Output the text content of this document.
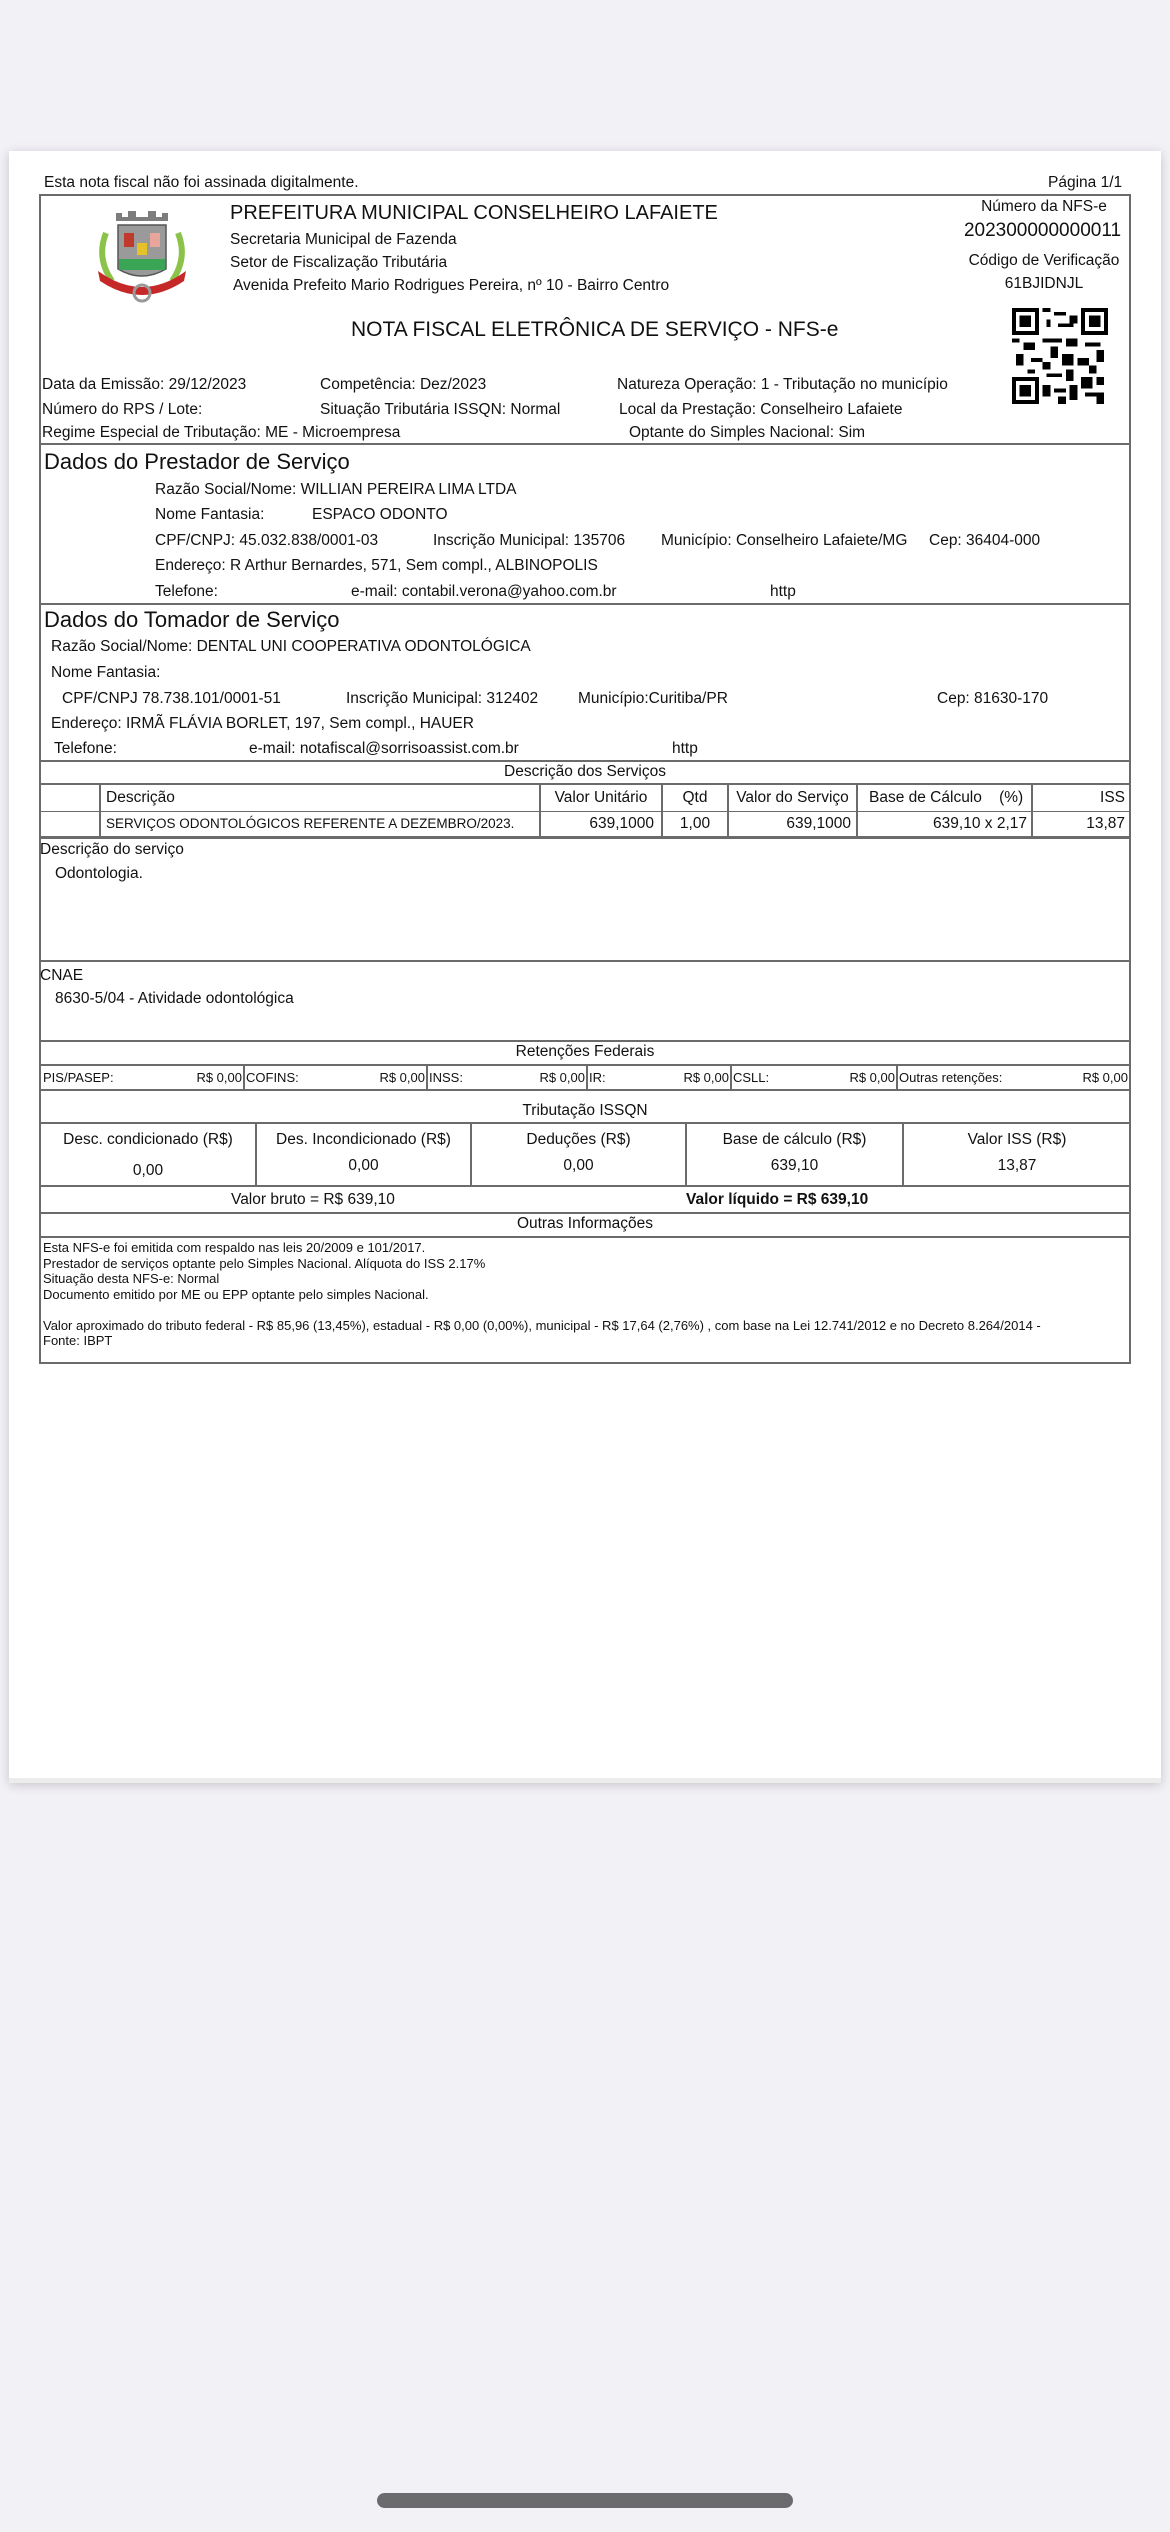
Esta nota fiscal não foi assinada digitalmente.	Página 1/1
PREFEITURA MUNICIPAL CONSELHEIRO LAFAIETE
Secretaria Municipal de Fazenda
Setor de Fiscalização Tributária
Avenida Prefeito Mario Rodrigues Pereira, nº 10 - Bairro Centro
Número da NFS-e
202300000000011
Código de Verificação
61BJIDNJL
NOTA FISCAL ELETRÔNICA DE SERVIÇO - NFS-e
Data da Emissão: 29/12/2023	Competência: Dez/2023	Natureza Operação: 1 - Tributação no município
Número do RPS / Lote:	Situação Tributária ISSQN: Normal	Local da Prestação: Conselheiro Lafaiete
Regime Especial de Tributação: ME - Microempresa	Optante do Simples Nacional: Sim
Dados do Prestador de Serviço
Razão Social/Nome: WILLIAN PEREIRA LIMA LTDA
Nome Fantasia:	ESPACO ODONTO
CPF/CNPJ: 45.032.838/0001-03	Inscrição Municipal: 135706 Município: Conselheiro Lafaiete/MG Cep: 36404-000
Endereço: R Arthur Bernardes, 571, Sem compl., ALBINOPOLIS
Telefone:	e-mail: contabil.verona@yahoo.com.br	http
Dados do Tomador de Serviço
Razão Social/Nome: DENTAL UNI COOPERATIVA ODONTOLÓGICA
Nome Fantasia:
CPF/CNPJ 78.738.101/0001-51	Inscrição Municipal: 312402	Município:Curitiba/PR	Cep: 81630-170
Endereço: IRMÃ FLÁVIA BORLET, 197, Sem compl., HAUER
Telefone:	e-mail: notafiscal@sorrisoassist.com.br	http
Descrição dos Serviços
Descrição	Valor Unitário	Qtd	Valor do Serviço	Base de Cálculo    (%)	ISS
SERVIÇOS ODONTOLÓGICOS REFERENTE A DEZEMBRO/2023.	639,1000	1,00	639,1000	639,10 x 2,17	13,87
Descrição do serviço
Odontologia.
CNAE
8630-5/04 - Atividade odontológica
Retenções Federais
PIS/PASEP:	R$ 0,00 COFINS:	R$ 0,00 INSS:	R$ 0,00 IR:	R$ 0,00 CSLL:	R$ 0,00 Outras retenções:	R$ 0,00
Tributação ISSQN
Desc. condicionado (R$)
0,00
Des. Incondicionado (R$)
0,00
Deduções (R$)
0,00
Base de cálculo (R$)
639,10
Valor ISS (R$)
13,87
Valor bruto = R$ 639,10	Valor líquido = R$ 639,10
Outras Informações
Esta NFS-e foi emitida com respaldo nas leis 20/2009 e 101/2017.
Prestador de serviços optante pelo Simples Nacional. Alíquota do ISS 2.17%
Situação desta NFS-e: Normal
Documento emitido por ME ou EPP optante pelo simples Nacional.
Valor aproximado do tributo federal - R$ 85,96 (13,45%), estadual - R$ 0,00 (0,00%), municipal - R$ 17,64 (2,76%) , com base na Lei 12.741/2012 e no Decreto 8.264/2014 -
Fonte: IBPT
